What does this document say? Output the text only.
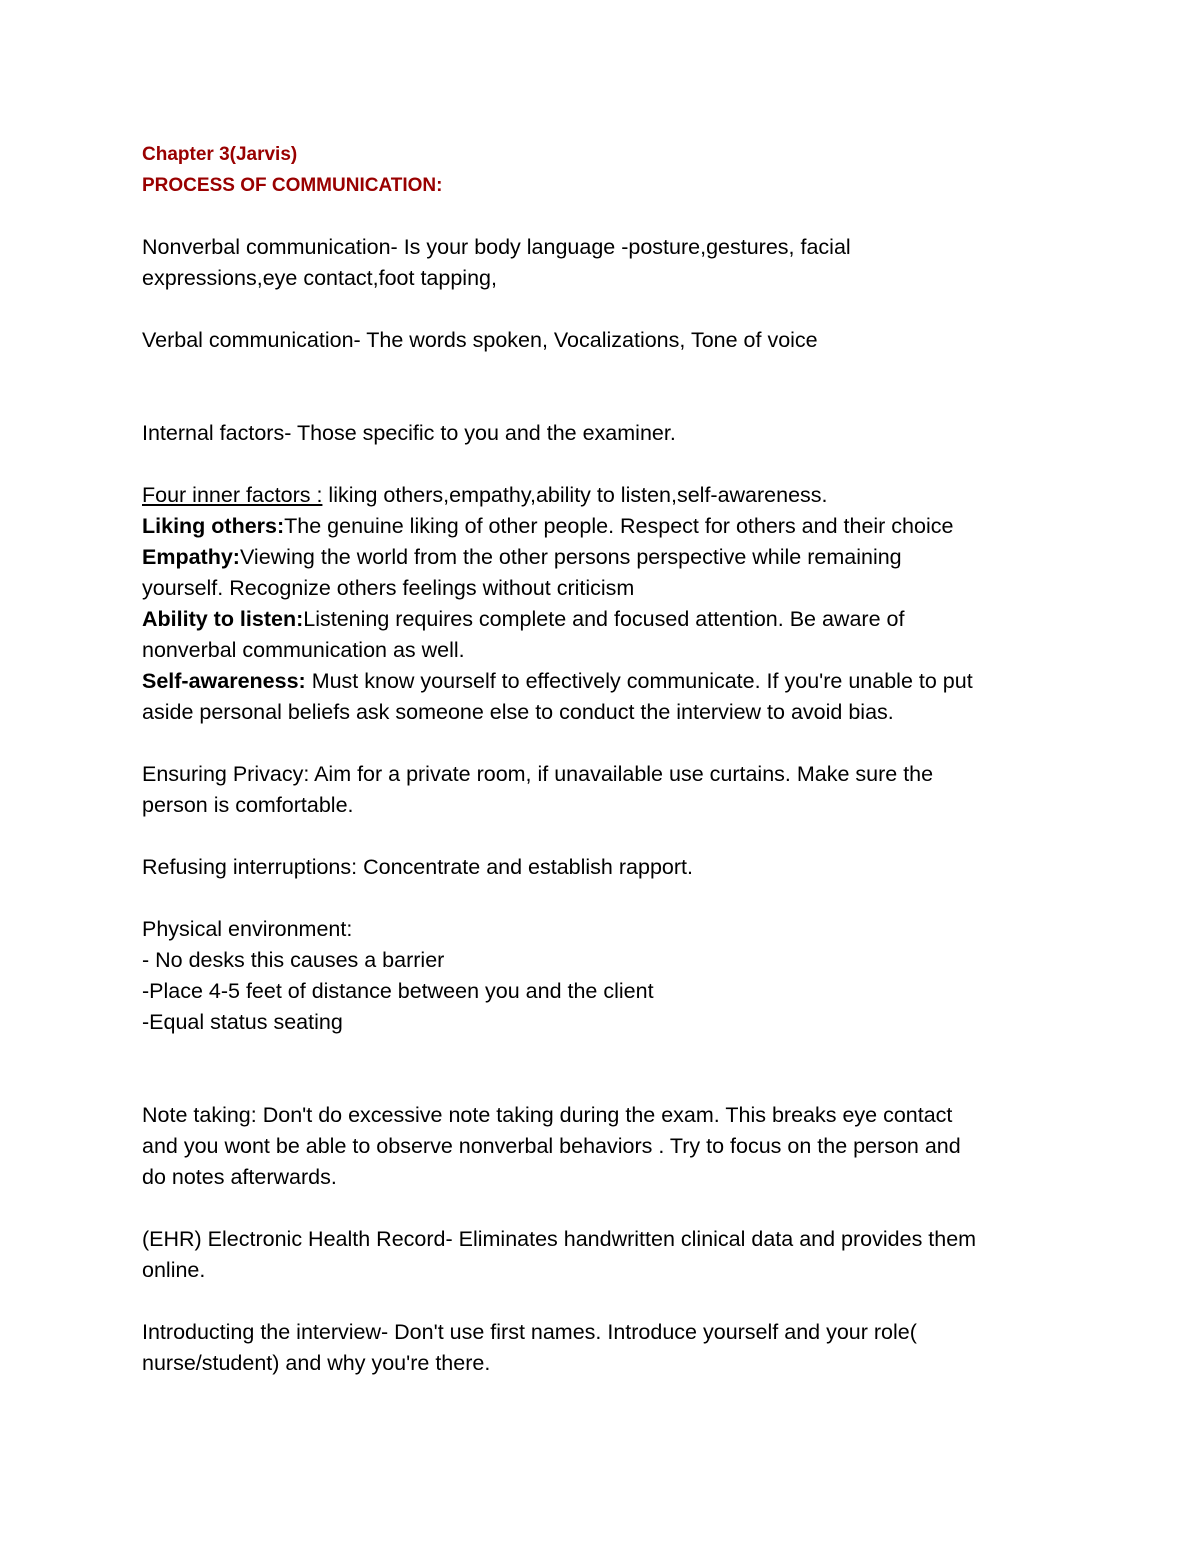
Chapter 3(Jarvis)
PROCESS OF COMMUNICATION:
Nonverbal communication- Is your body language -posture,gestures, facial
expressions,eye contact,foot tapping,
Verbal communication- The words spoken, Vocalizations, Tone of voice
Internal factors- Those specific to you and the examiner.
Four inner factors : liking others,empathy,ability to listen,self-awareness.
Liking others:The genuine liking of other people. Respect for others and their choice
Empathy:Viewing the world from the other persons perspective while remaining
yourself. Recognize others feelings without criticism
Ability to listen:Listening requires complete and focused attention. Be aware of
nonverbal communication as well.
Self-awareness: Must know yourself to effectively communicate. If you're unable to put
aside personal beliefs ask someone else to conduct the interview to avoid bias.
Ensuring Privacy: Aim for a private room, if unavailable use curtains. Make sure the
person is comfortable.
Refusing interruptions: Concentrate and establish rapport.
Physical environment:
- No desks this causes a barrier
-Place 4-5 feet of distance between you and the client
-Equal status seating
Note taking: Don't do excessive note taking during the exam. This breaks eye contact
and you wont be able to observe nonverbal behaviors . Try to focus on the person and
do notes afterwards.
(EHR) Electronic Health Record- Eliminates handwritten clinical data and provides them
online.
Introducting the interview- Don't use first names. Introduce yourself and your role(
nurse/student) and why you're there.
